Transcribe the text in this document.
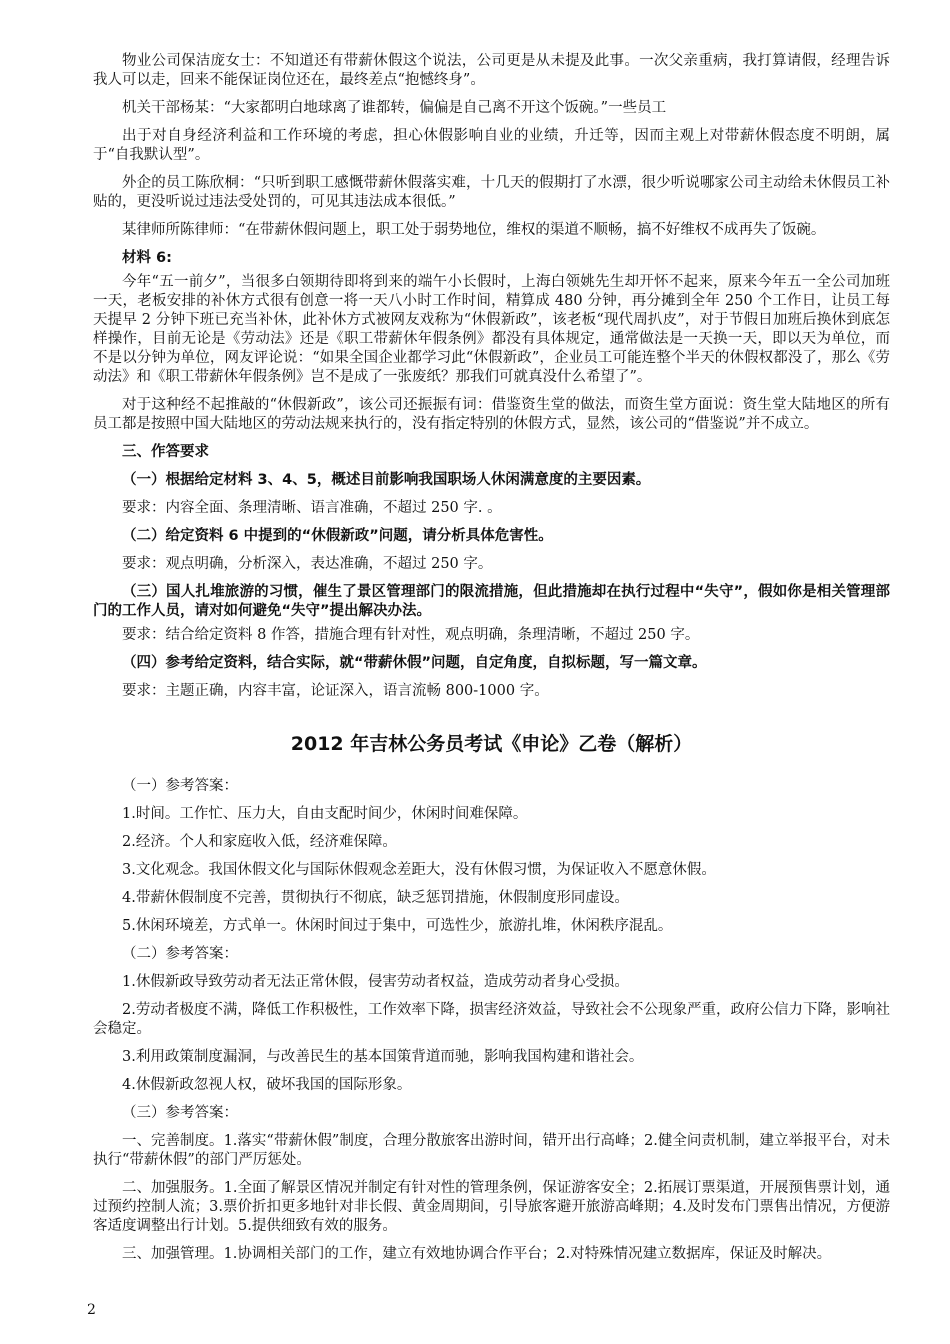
物业公司保洁庞女士：不知道还有带薪休假这个说法，公司更是从未提及此事。一次父亲重病，我打算请假，经理告诉我人可以走，回来不能保证岗位还在，最终差点“抱憾终身”。

机关干部杨某：“大家都明白地球离了谁都转，偏偏是自己离不开这个饭碗。”一些员工

出于对自身经济利益和工作环境的考虑，担心休假影响自业的业绩，升迁等，因而主观上对带薪休假态度不明朗，属于“自我默认型”。

外企的员工陈欣桐：“只听到职工感慨带薪休假落实难，十几天的假期打了水漂，很少听说哪家公司主动给未休假员工补贴的，更没听说过违法受处罚的，可见其违法成本很低。”

某律师所陈律师：“在带薪休假问题上，职工处于弱势地位，维权的渠道不顺畅，搞不好维权不成再失了饭碗。

材料 6:

今年“五一前夕”，当很多白领期待即将到来的端午小长假时，上海白领姚先生却开怀不起来，原来今年五一全公司加班一天，老板安排的补休方式很有创意一将一天八小时工作时间，精算成 480 分钟，再分摊到全年 250 个工作日，让员工每天提早 2 分钟下班已充当补休，此补休方式被网友戏称为“休假新政”，该老板“现代周扒皮”，对于节假日加班后换休到底怎样操作，目前无论是《劳动法》还是《职工带薪休年假条例》都没有具体规定，通常做法是一天换一天，即以天为单位，而不是以分钟为单位，网友评论说：“如果全国企业都学习此“休假新政”，企业员工可能连整个半天的休假权都没了，那么《劳动法》和《职工带薪休年假条例》岂不是成了一张废纸？那我们可就真没什么希望了”。

对于这种经不起推敲的“休假新政”，该公司还振振有词：借鉴资生堂的做法，而资生堂方面说：资生堂大陆地区的所有员工都是按照中国大陆地区的劳动法规来执行的，没有指定特别的休假方式，显然，该公司的“借鉴说”并不成立。

三、作答要求

（一）根据给定材料 3、4、5，概述目前影响我国职场人休闲满意度的主要因素。

要求：内容全面、条理清晰、语言准确，不超过 250 字. 。

（二）给定资料 6 中提到的“休假新政”问题，请分析具体危害性。

要求：观点明确，分析深入，表达准确，不超过 250 字。

（三）国人扎堆旅游的习惯，催生了景区管理部门的限流措施，但此措施却在执行过程中“失守”，假如你是相关管理部门的工作人员，请对如何避免“失守”提出解决办法。

要求：结合给定资料 8 作答，措施合理有针对性，观点明确，条理清晰，不超过 250 字。

（四）参考给定资料，结合实际，就“带薪休假”问题，自定角度，自拟标题，写一篇文章。

要求：主题正确，内容丰富，论证深入，语言流畅 800-1000 字。

2012 年吉林公务员考试《申论》乙卷（解析）

（一）参考答案：

1.时间。工作忙、压力大，自由支配时间少，休闲时间难保障。

2.经济。个人和家庭收入低，经济难保障。

3.文化观念。我国休假文化与国际休假观念差距大，没有休假习惯，为保证收入不愿意休假。

4.带薪休假制度不完善，贯彻执行不彻底，缺乏惩罚措施，休假制度形同虚设。

5.休闲环境差，方式单一。休闲时间过于集中，可选性少，旅游扎堆，休闲秩序混乱。

（二）参考答案：

1.休假新政导致劳动者无法正常休假，侵害劳动者权益，造成劳动者身心受损。

2.劳动者极度不满，降低工作积极性，工作效率下降，损害经济效益，导致社会不公现象严重，政府公信力下降，影响社会稳定。

3.利用政策制度漏洞，与改善民生的基本国策背道而驰，影响我国构建和谐社会。

4.休假新政忽视人权，破坏我国的国际形象。

（三）参考答案：

一、完善制度。1.落实“带薪休假”制度，合理分散旅客出游时间，错开出行高峰；2.健全问责机制，建立举报平台，对未执行“带薪休假”的部门严厉惩处。

二、加强服务。1.全面了解景区情况并制定有针对性的管理条例，保证游客安全；2.拓展订票渠道，开展预售票计划，通过预约控制人流；3.票价折扣更多地针对非长假、黄金周期间，引导旅客避开旅游高峰期；4.及时发布门票售出情况，方便游客适度调整出行计划。5.提供细致有效的服务。

三、加强管理。1.协调相关部门的工作，建立有效地协调合作平台；2.对特殊情况建立数据库，保证及时解决。

2
